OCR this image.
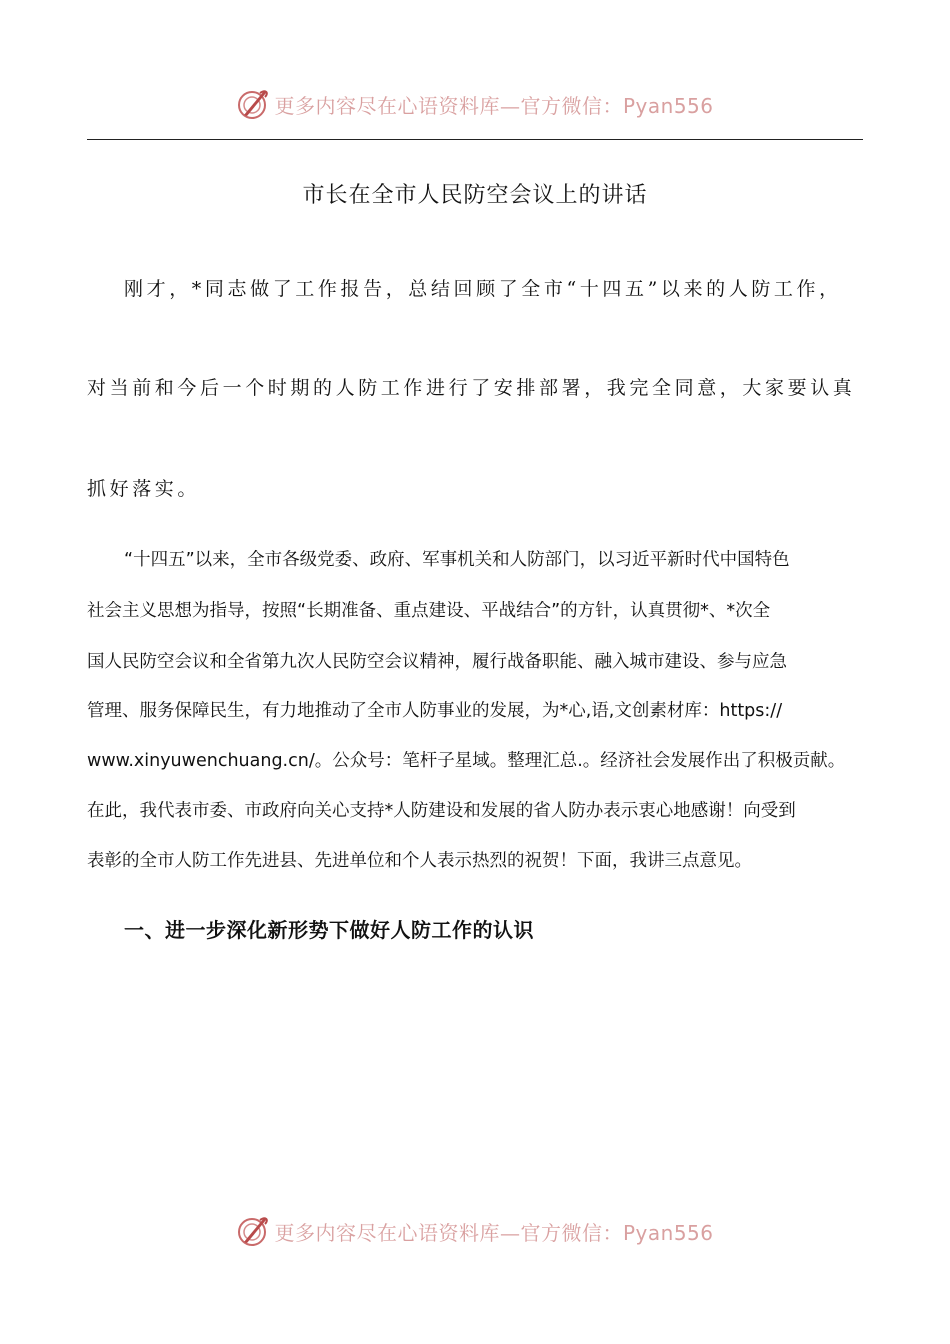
更多内容尽在心语资料库—官方微信：Pyan556
市长在全市人民防空会议上的讲话
刚才，*同志做了工作报告，总结回顾了全市“十四五”以来的人防工作，
对当前和今后一个时期的人防工作进行了安排部署，我完全同意，大家要认真
抓好落实。
“十四五”以来，全市各级党委、政府、军事机关和人防部门，以习近平新时代中国特色
社会主义思想为指导，按照“长期准备、重点建设、平战结合”的方针，认真贯彻*、*次全
国人民防空会议和全省第九次人民防空会议精神，履行战备职能、融入城市建设、参与应急
管理、服务保障民生，有力地推动了全市人防事业的发展，为*心,语,文创素材库：https://
www.xinyuwenchuang.cn/。公众号：笔杆子星域。整理汇总.。经济社会发展作出了积极贡献。
在此，我代表市委、市政府向关心支持*人防建设和发展的省人防办表示衷心地感谢！向受到
表彰的全市人防工作先进县、先进单位和个人表示热烈的祝贺！下面，我讲三点意见。
一、进一步深化新形势下做好人防工作的认识
更多内容尽在心语资料库—官方微信：Pyan556
